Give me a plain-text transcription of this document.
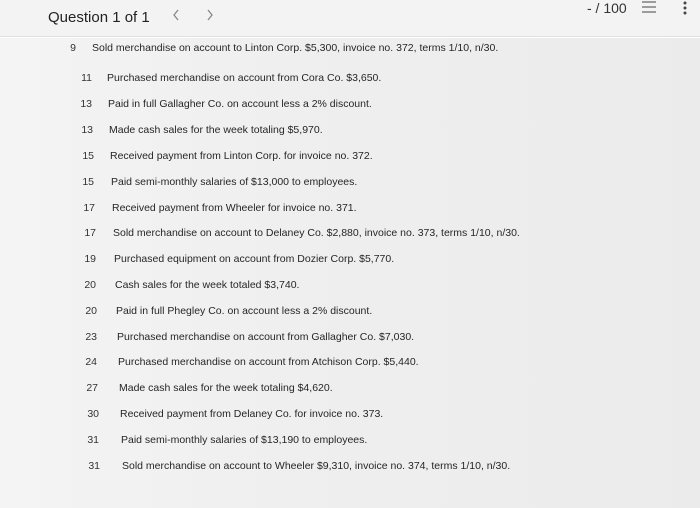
Question 1 of 1
- / 100
9 Sold merchandise on account to Linton Corp. $5,300, invoice no. 372, terms 1/10, n/30.
11 Purchased merchandise on account from Cora Co. $3,650.
13 Paid in full Gallagher Co. on account less a 2% discount.
13 Made cash sales for the week totaling $5,970.
15 Received payment from Linton Corp. for invoice no. 372.
15 Paid semi-monthly salaries of $13,000 to employees.
17 Received payment from Wheeler for invoice no. 371.
17 Sold merchandise on account to Delaney Co. $2,880, invoice no. 373, terms 1/10, n/30.
19 Purchased equipment on account from Dozier Corp. $5,770.
20 Cash sales for the week totaled $3,740.
20 Paid in full Phegley Co. on account less a 2% discount.
23 Purchased merchandise on account from Gallagher Co. $7,030.
24 Purchased merchandise on account from Atchison Corp. $5,440.
27 Made cash sales for the week totaling $4,620.
30 Received payment from Delaney Co. for invoice no. 373.
31 Paid semi-monthly salaries of $13,190 to employees.
31 Sold merchandise on account to Wheeler $9,310, invoice no. 374, terms 1/10, n/30.
